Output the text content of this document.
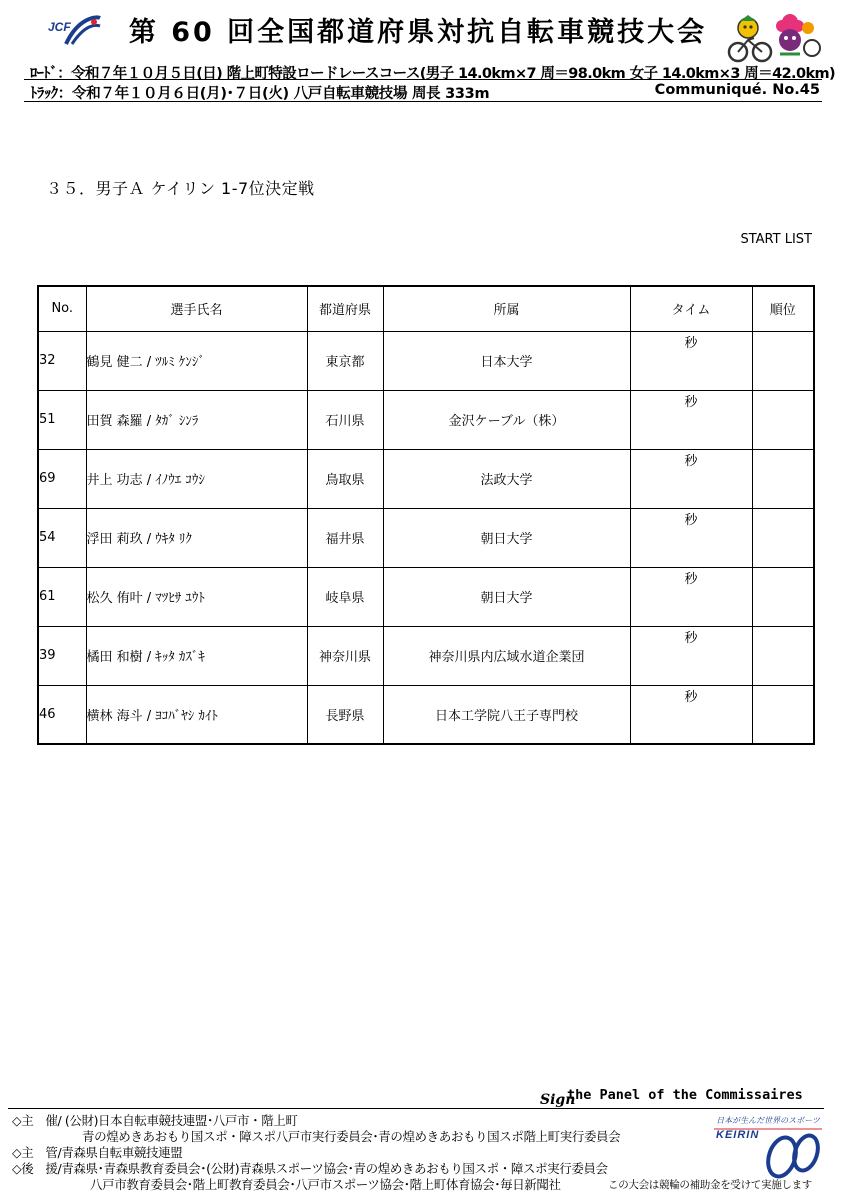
JCF	第 60 回全国都道府県対抗自転車競技大会
ﾛｰﾄﾞ：令和７年１０月５日(日) 階上町特設ロードレースコース(男子 14.0km×7 周＝98.0km 女子 14.0km×3 周＝42.0km)
ﾄﾗｯｸ：令和７年１０月６日(月)･７日(火) 八戸自転車競技場 周長 333m	Communiqué. No.45
３５．男子Ａ ケイリン 1-7位決定戦
START LIST
No.	選手氏名	都道府県	所属	タイム	順位
32	鶴見 健二 / ﾂﾙﾐ ｹﾝｼﾞ	東京都	日本大学	秒	
51	田賀 森羅 / ﾀｶﾞ ｼﾝﾗ	石川県	金沢ケーブル（株）	秒	
69	井上 功志 / ｲﾉｳｴ ｺｳｼ	鳥取県	法政大学	秒	
54	浮田 莉玖 / ｳｷﾀ ﾘｸ	福井県	朝日大学	秒	
61	松久 侑叶 / ﾏﾂﾋｻ ﾕｳﾄ	岐阜県	朝日大学	秒	
39	橘田 和樹 / ｷｯﾀ ｶｽﾞｷ	神奈川県	神奈川県内広域水道企業団	秒	
46	横林 海斗 / ﾖｺﾊﾞﾔｼ ｶｲﾄ	長野県	日本工学院八王子専門校	秒	
Sign
the Panel of the Commissaires
◇主　催/ (公財)日本自転車競技連盟･八戸市・階上町
青の煌めきあおもり国スポ・障スポ八戸市実行委員会･青の煌めきあおもり国スポ階上町実行委員会
◇主　管/青森県自転車競技連盟
◇後　援/青森県･青森県教育委員会･(公財)青森県スポーツ協会･青の煌めきあおもり国スポ・障スポ実行委員会
八戸市教育委員会･階上町教育委員会･八戸市スポーツ協会･階上町体育協会･毎日新聞社
日本が生んだ世界のスポーツ
KEIRIN
この大会は競輪の補助金を受けて実施します
